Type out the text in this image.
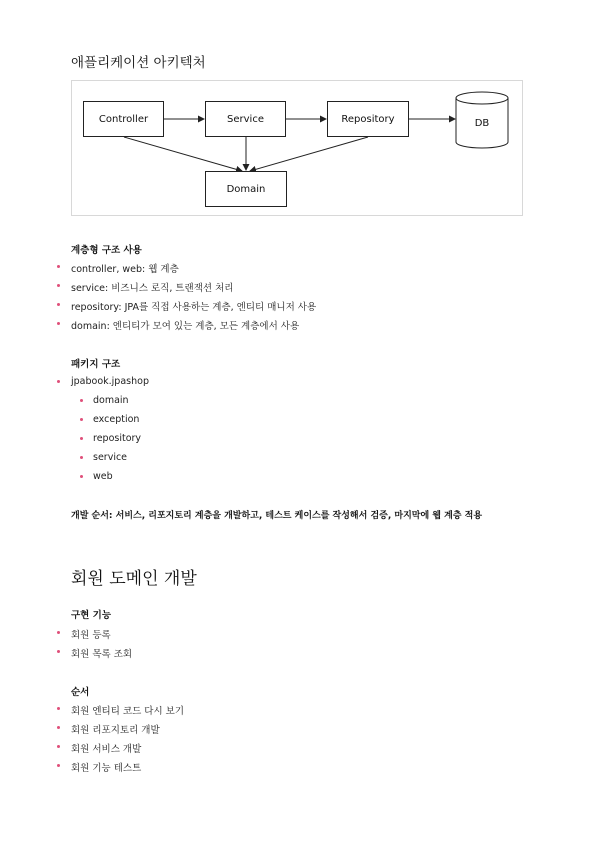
애플리케이션 아키텍처
Controller	Service	Repository	DB
Domain
계층형 구조 사용
controller, web: 웹 계층
service: 비즈니스 로직, 트랜잭션 처리
repository: JPA를 직접 사용하는 계층, 엔티티 매니저 사용
domain: 엔티티가 모여 있는 계층, 모든 계층에서 사용
패키지 구조
jpabook.jpashop
domain
exception
repository
service
web
개발 순서: 서비스, 리포지토리 계층을 개발하고, 테스트 케이스를 작성해서 검증, 마지막에 웹 계층 적용
회원 도메인 개발
구현 기능
회원 등록
회원 목록 조회
순서
회원 엔티티 코드 다시 보기
회원 리포지토리 개발
회원 서비스 개발
회원 기능 테스트
